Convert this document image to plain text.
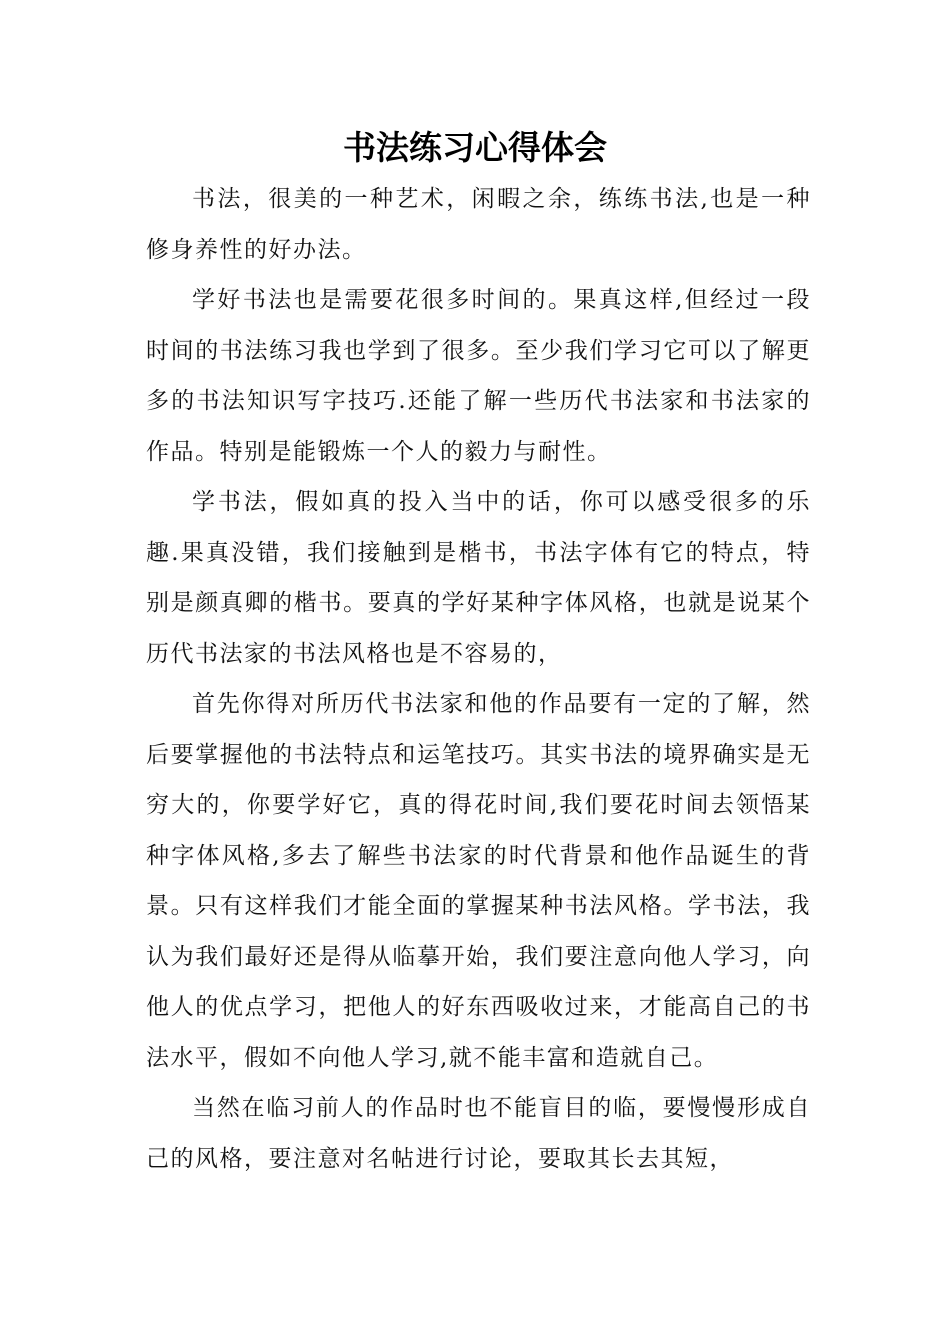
书法练习心得体会

书法，很美的一种艺术，闲暇之余，练练书法,也是一种修身养性的好办法。

学好书法也是需要花很多时间的。果真这样,但经过一段时间的书法练习我也学到了很多。至少我们学习它可以了解更多的书法知识写字技巧.还能了解一些历代书法家和书法家的作品。特别是能锻炼一个人的毅力与耐性。

学书法，假如真的投入当中的话，你可以感受很多的乐趣.果真没错，我们接触到是楷书，书法字体有它的特点，特别是颜真卿的楷书。要真的学好某种字体风格，也就是说某个历代书法家的书法风格也是不容易的，

首先你得对所历代书法家和他的作品要有一定的了解，然后要掌握他的书法特点和运笔技巧。其实书法的境界确实是无穷大的，你要学好它，真的得花时间,我们要花时间去领悟某种字体风格,多去了解些书法家的时代背景和他作品诞生的背景。只有这样我们才能全面的掌握某种书法风格。学书法，我认为我们最好还是得从临摹开始，我们要注意向他人学习，向他人的优点学习，把他人的好东西吸收过来，才能高自己的书法水平，假如不向他人学习,就不能丰富和造就自己。

当然在临习前人的作品时也不能盲目的临，要慢慢形成自己的风格，要注意对名帖进行讨论，要取其长去其短，
